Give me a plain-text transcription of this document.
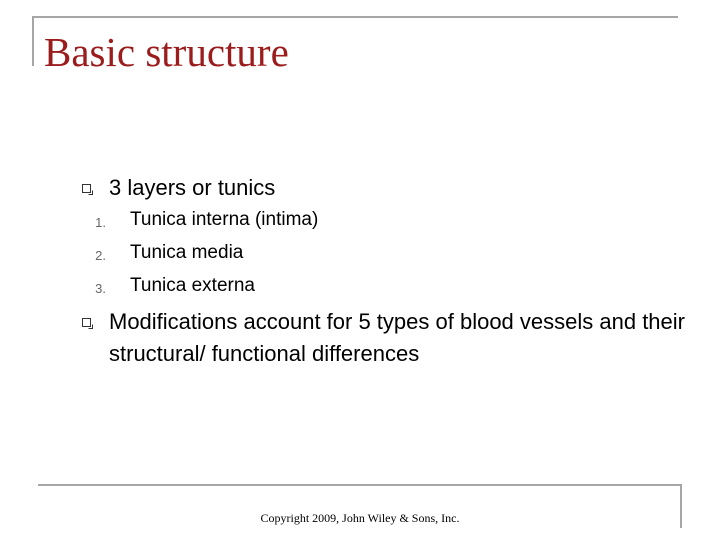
Basic structure

3 layers or tunics

1. Tunica interna (intima)
2. Tunica media
3. Tunica externa

Modifications account for 5 types of blood vessels and their structural/ functional differences

Copyright 2009, John Wiley & Sons, Inc.
